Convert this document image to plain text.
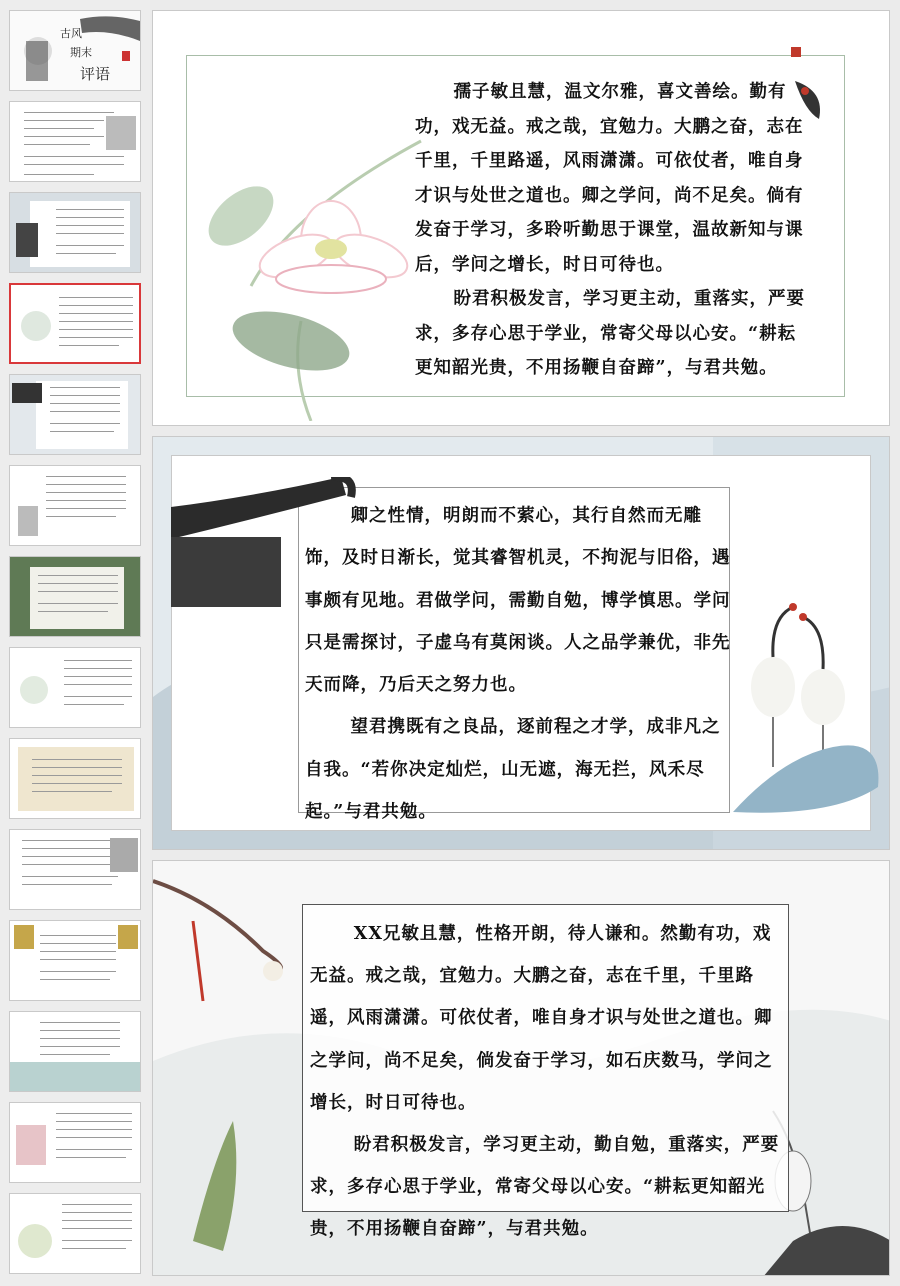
古风
期末
评语

孺子敏且慧，温文尔雅，喜文善绘。勤有功，戏无益。戒之哉，宜勉力。大鹏之奋，志在千里，千里路遥，风雨潇潇。可依仗者，唯自身才识与处世之道也。卿之学问，尚不足矣。倘有发奋于学习，多聆听勤思于课堂，温故新知与课后，学问之增长，时日可待也。

盼君积极发言，学习更主动，重落实，严要求，多存心思于学业，常寄父母以心安。“耕耘更知韶光贵，不用扬鞭自奋蹄”，与君共勉。

卿之性情，明朗而不萦心，其行自然而无雕饰，及时日渐长，觉其睿智机灵，不拘泥与旧俗，遇事颇有见地。君做学问，需勤自勉，博学慎思。学问只是需探讨，子虚乌有莫闲谈。人之品学兼优，非先天而降，乃后天之努力也。

望君携既有之良品，逐前程之才学，成非凡之自我。“若你决定灿烂，山无遮，海无拦，风禾尽起。”与君共勉。

XX兄敏且慧，性格开朗，待人谦和。然勤有功，戏无益。戒之哉，宜勉力。大鹏之奋，志在千里，千里路遥，风雨潇潇。可依仗者，唯自身才识与处世之道也。卿之学问，尚不足矣，倘发奋于学习，如石庆数马，学问之增长，时日可待也。

盼君积极发言，学习更主动，勤自勉，重落实，严要求，多存心思于学业，常寄父母以心安。“耕耘更知韶光贵，不用扬鞭自奋蹄”，与君共勉。
